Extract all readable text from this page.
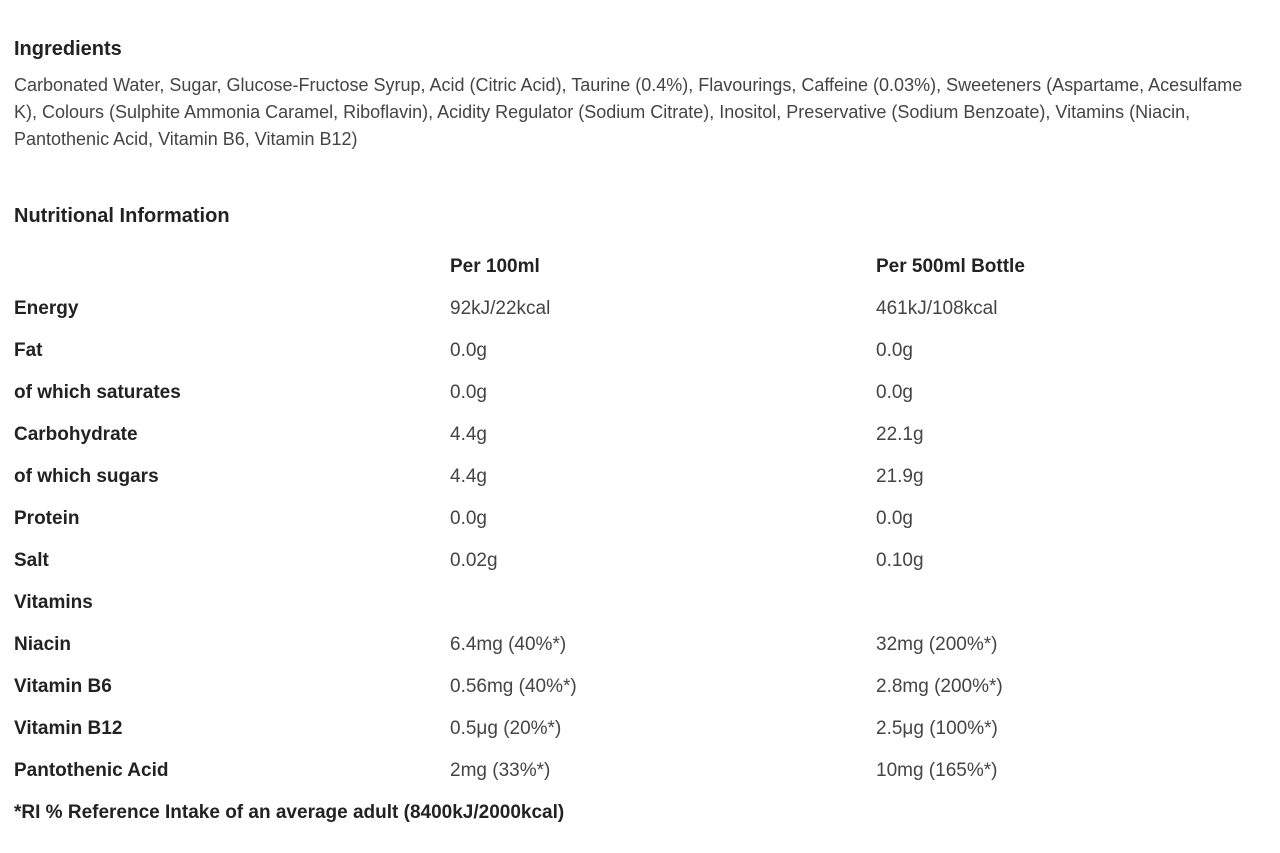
Ingredients

Carbonated Water, Sugar, Glucose-Fructose Syrup, Acid (Citric Acid), Taurine (0.4%), Flavourings, Caffeine (0.03%), Sweeteners (Aspartame, Acesulfame K), Colours (Sulphite Ammonia Caramel, Riboflavin), Acidity Regulator (Sodium Citrate), Inositol, Preservative (Sodium Benzoate), Vitamins (Niacin, Pantothenic Acid, Vitamin B6, Vitamin B12)

Nutritional Information
	Per 100ml	Per 500ml Bottle
Energy	92kJ/22kcal	461kJ/108kcal
Fat	0.0g	0.0g
of which saturates	0.0g	0.0g
Carbohydrate	4.4g	22.1g
of which sugars	4.4g	21.9g
Protein	0.0g	0.0g
Salt	0.02g	0.10g
Vitamins		
Niacin	6.4mg (40%*)	32mg (200%*)
Vitamin B6	0.56mg (40%*)	2.8mg (200%*)
Vitamin B12	0.5μg (20%*)	2.5μg (100%*)
Pantothenic Acid	2mg (33%*)	10mg (165%*)
*RI % Reference Intake of an average adult (8400kJ/2000kcal)
